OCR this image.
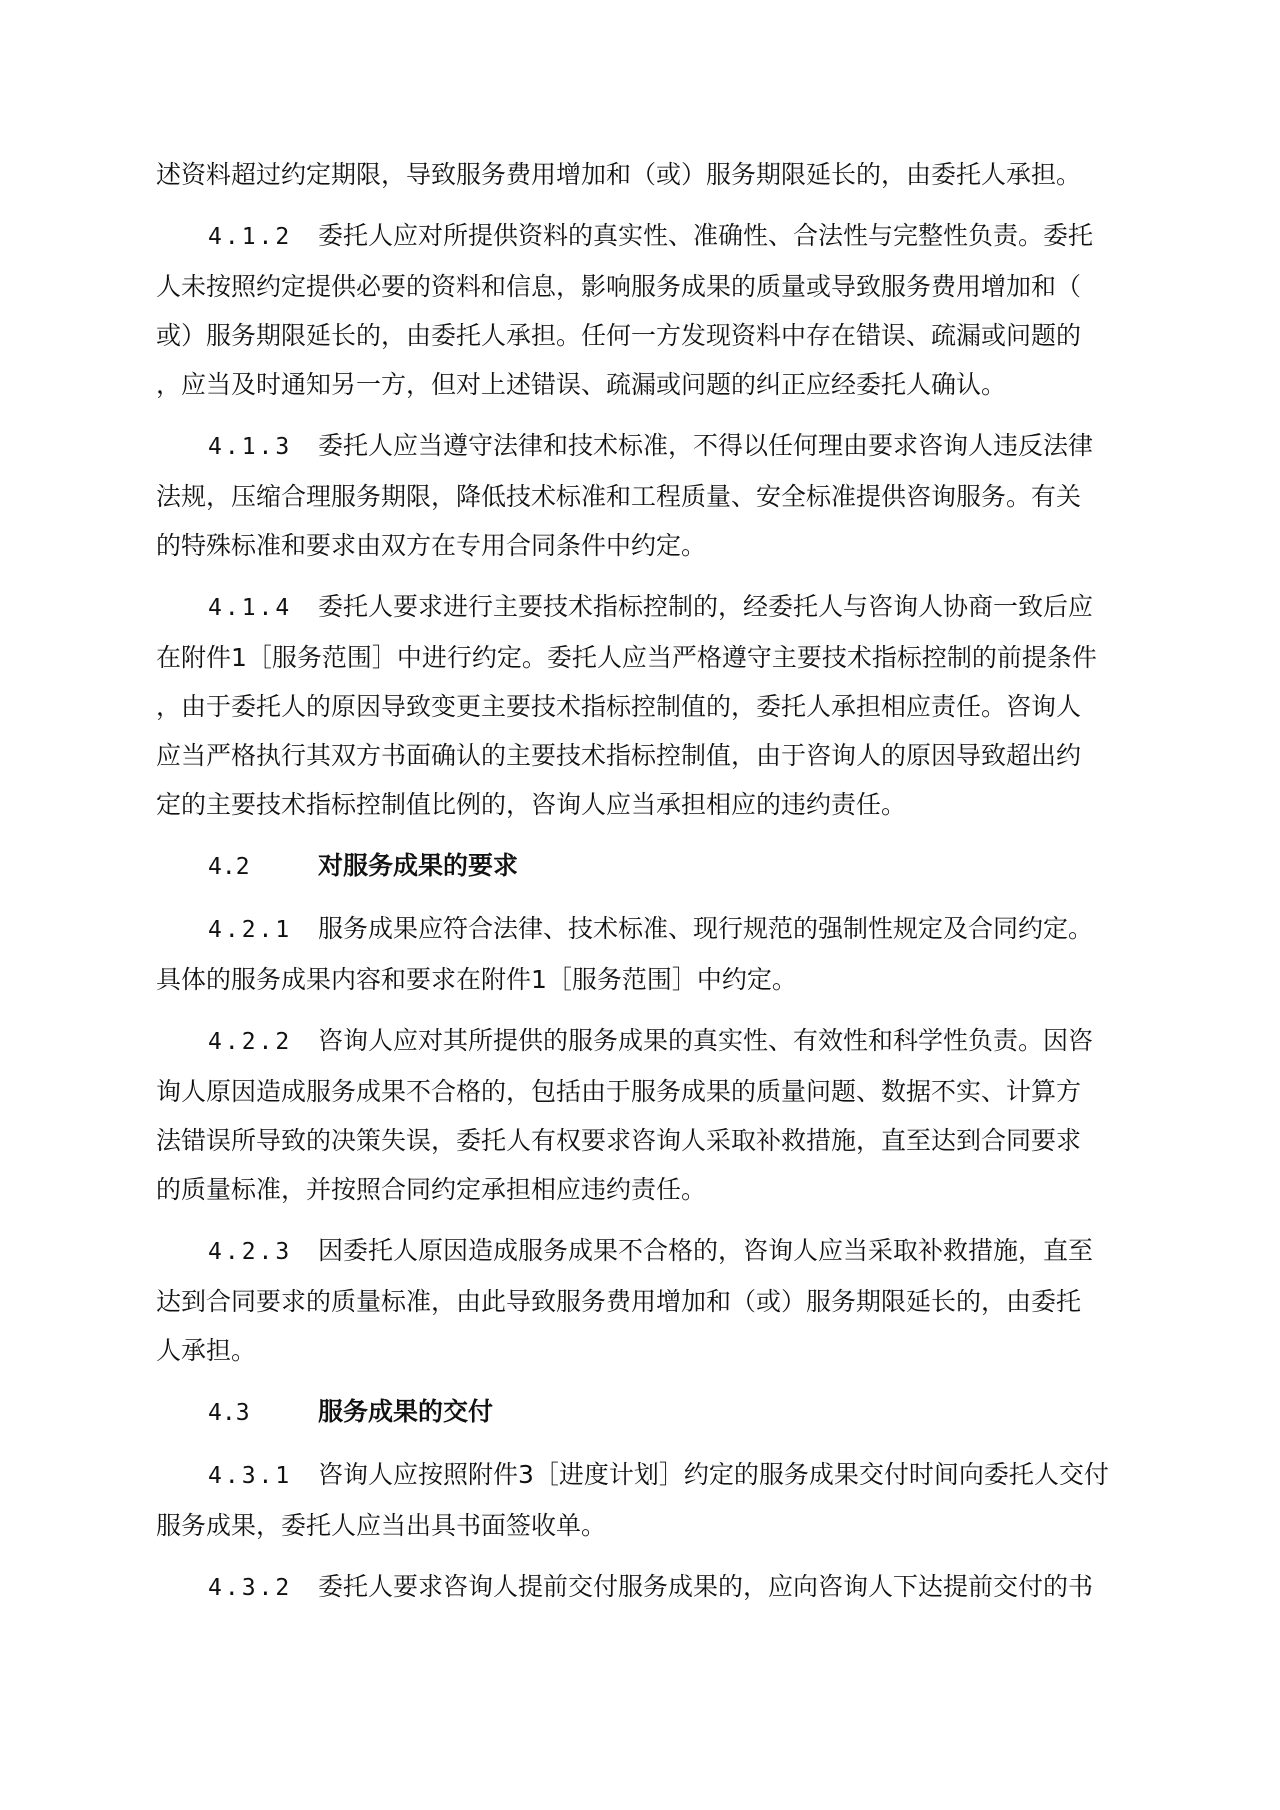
述资料超过约定期限，导致服务费用增加和（或）服务期限延长的，由委托人承担。
4.1.2 委托人应对所提供资料的真实性、准确性、合法性与完整性负责。委托
人未按照约定提供必要的资料和信息，影响服务成果的质量或导致服务费用增加和（
或）服务期限延长的，由委托人承担。任何一方发现资料中存在错误、疏漏或问题的
，应当及时通知另一方，但对上述错误、疏漏或问题的纠正应经委托人确认。
4.1.3 委托人应当遵守法律和技术标准，不得以任何理由要求咨询人违反法律
法规，压缩合理服务期限，降低技术标准和工程质量、安全标准提供咨询服务。有关
的特殊标准和要求由双方在专用合同条件中约定。
4.1.4 委托人要求进行主要技术指标控制的，经委托人与咨询人协商一致后应
在附件1［服务范围］中进行约定。委托人应当严格遵守主要技术指标控制的前提条件
，由于委托人的原因导致变更主要技术指标控制值的，委托人承担相应责任。咨询人
应当严格执行其双方书面确认的主要技术指标控制值，由于咨询人的原因导致超出约
定的主要技术指标控制值比例的，咨询人应当承担相应的违约责任。
4.2	对服务成果的要求
4.2.1 服务成果应符合法律、技术标准、现行规范的强制性规定及合同约定。
具体的服务成果内容和要求在附件1［服务范围］中约定。
4.2.2 咨询人应对其所提供的服务成果的真实性、有效性和科学性负责。因咨
询人原因造成服务成果不合格的，包括由于服务成果的质量问题、数据不实、计算方
法错误所导致的决策失误，委托人有权要求咨询人采取补救措施，直至达到合同要求
的质量标准，并按照合同约定承担相应违约责任。
4.2.3 因委托人原因造成服务成果不合格的，咨询人应当采取补救措施，直至
达到合同要求的质量标准，由此导致服务费用增加和（或）服务期限延长的，由委托
人承担。
4.3	服务成果的交付
4.3.1 咨询人应按照附件3［进度计划］约定的服务成果交付时间向委托人交付
服务成果，委托人应当出具书面签收单。
4.3.2 委托人要求咨询人提前交付服务成果的，应向咨询人下达提前交付的书
